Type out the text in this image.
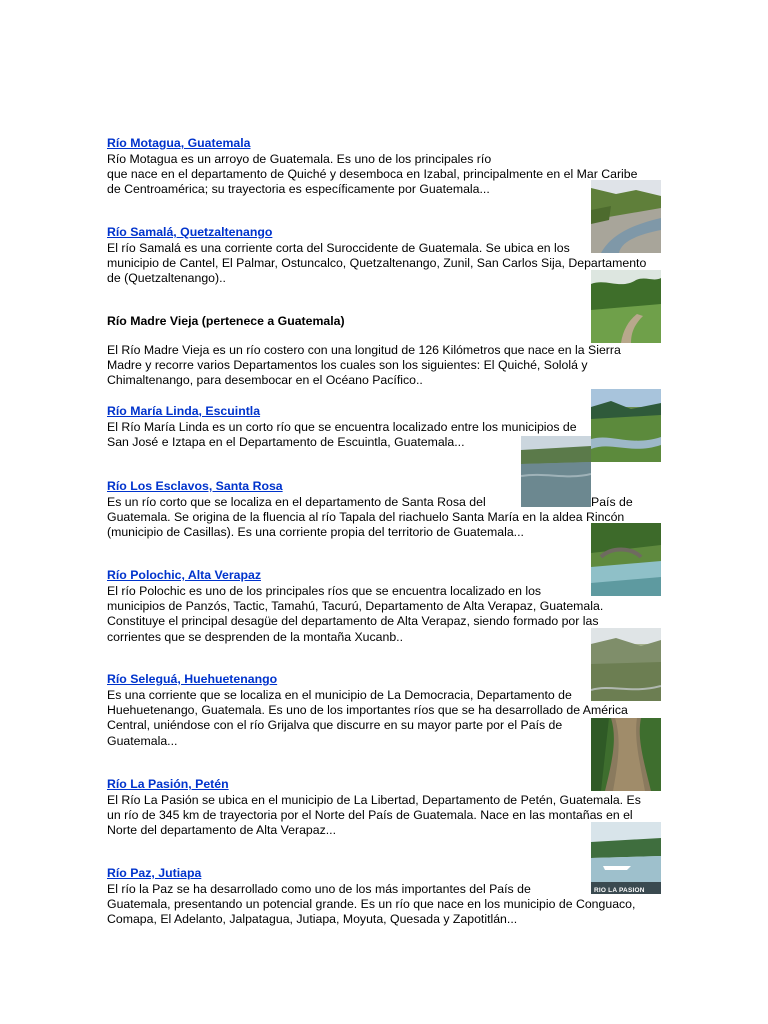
RIO LA PASION
Río Motagua, Guatemala
Río Motagua es un arroyo de Guatemala. Es uno de los principales río
que nace en el departamento de Quiché y desemboca en Izabal, principalmente en el Mar Caribe
de Centroamérica; su trayectoria es específicamente por Guatemala...
Río Samalá, Quetzaltenango
El río Samalá es una corriente corta del Suroccidente de Guatemala. Se ubica en los
municipio de Cantel, El Palmar, Ostuncalco, Quetzaltenango, Zunil, San Carlos Sija, Departamento
de (Quetzaltenango)..
Río Madre Vieja (pertenece a Guatemala)
El Río Madre Vieja es un río costero con una longitud de 126 Kilómetros que nace en la Sierra
Madre y recorre varios Departamentos los cuales son los siguientes: El Quiché, Sololá y
Chimaltenango, para desembocar en el Océano Pacífico..
Río María Linda, Escuintla
El Río María Linda es un corto río que se encuentra localizado entre los municipios de
San José e Iztapa en el Departamento de Escuintla, Guatemala...
Río Los Esclavos, Santa Rosa
Es un río corto que se localiza en el departamento de Santa Rosa del	País de
Guatemala. Se origina de la fluencia al río Tapala del riachuelo Santa María en la aldea Rincón
(municipio de Casillas). Es una corriente propia del territorio de Guatemala...
Río Polochic, Alta Verapaz
El río Polochic es uno de los principales ríos que se encuentra localizado en los
municipios de Panzós, Tactic, Tamahú, Tacurú, Departamento de Alta Verapaz, Guatemala.
Constituye el principal desagüe del departamento de Alta Verapaz, siendo formado por las
corrientes que se desprenden de la montaña Xucanb..
Río Seleguá, Huehuetenango
Es una corriente que se localiza en el municipio de La Democracia, Departamento de
Huehuetenango, Guatemala. Es uno de los importantes ríos que se ha desarrollado de América
Central, uniéndose con el río Grijalva que discurre en su mayor parte por el País de
Guatemala...
Río La Pasión, Petén
El Río La Pasión se ubica en el municipio de La Libertad, Departamento de Petén, Guatemala. Es
un río de 345 km de trayectoria por el Norte del País de Guatemala. Nace en las montañas en el
Norte del departamento de Alta Verapaz...
Río Paz, Jutiapa
El río la Paz se ha desarrollado como uno de los más importantes del País de
Guatemala, presentando un potencial grande. Es un río que nace en los municipio de Conguaco,
Comapa, El Adelanto, Jalpatagua, Jutiapa, Moyuta, Quesada y Zapotitlán...
